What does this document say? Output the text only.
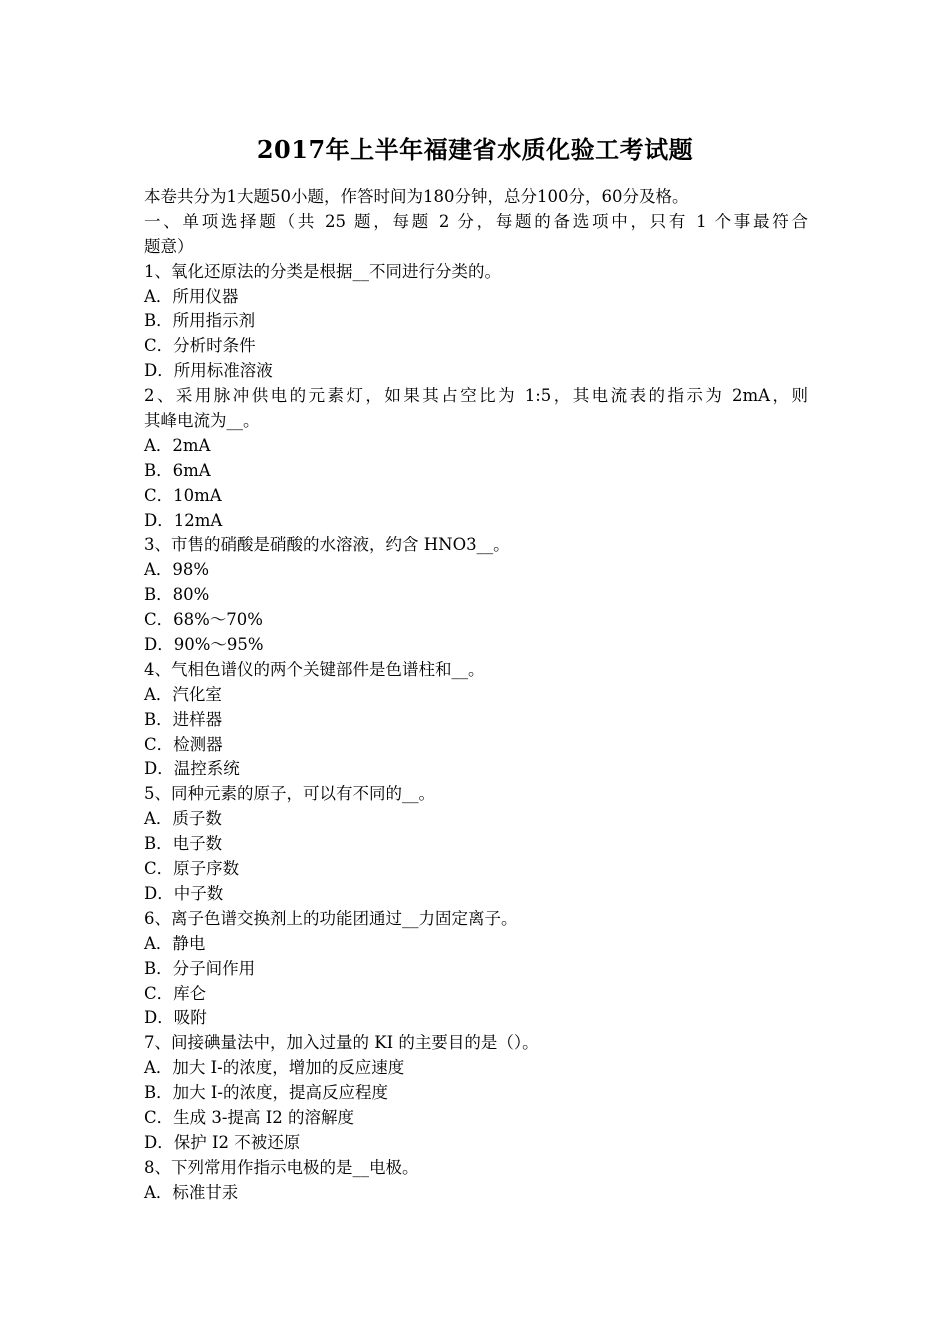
2017年上半年福建省水质化验工考试题
本卷共分为1大题50小题，作答时间为180分钟，总分100分，60分及格。
一、单项选择题（共 25 题，每题 2 分，每题的备选项中，只有 1 个事最符合
题意）
1、氧化还原法的分类是根据__不同进行分类的。
A．所用仪器
B．所用指示剂
C．分析时条件
D．所用标准溶液
2、采用脉冲供电的元素灯，如果其占空比为 1:5，其电流表的指示为 2mA，则
其峰电流为__。
A．2mA
B．6mA
C．10mA
D．12mA
3、市售的硝酸是硝酸的水溶液，约含 HNO3__。
A．98%
B．80%
C．68%～70%
D．90%～95%
4、气相色谱仪的两个关键部件是色谱柱和__。
A．汽化室
B．进样器
C．检测器
D．温控系统
5、同种元素的原子，可以有不同的__。
A．质子数
B．电子数
C．原子序数
D．中子数
6、离子色谱交换剂上的功能团通过__力固定离子。
A．静电
B．分子间作用
C．库仑
D．吸附
7、间接碘量法中，加入过量的 KI 的主要目的是（）。
A．加大 I-的浓度，增加的反应速度
B．加大 I-的浓度，提高反应程度
C．生成 3-提高 I2 的溶解度
D．保护 I2 不被还原
8、下列常用作指示电极的是__电极。
A．标准甘汞
